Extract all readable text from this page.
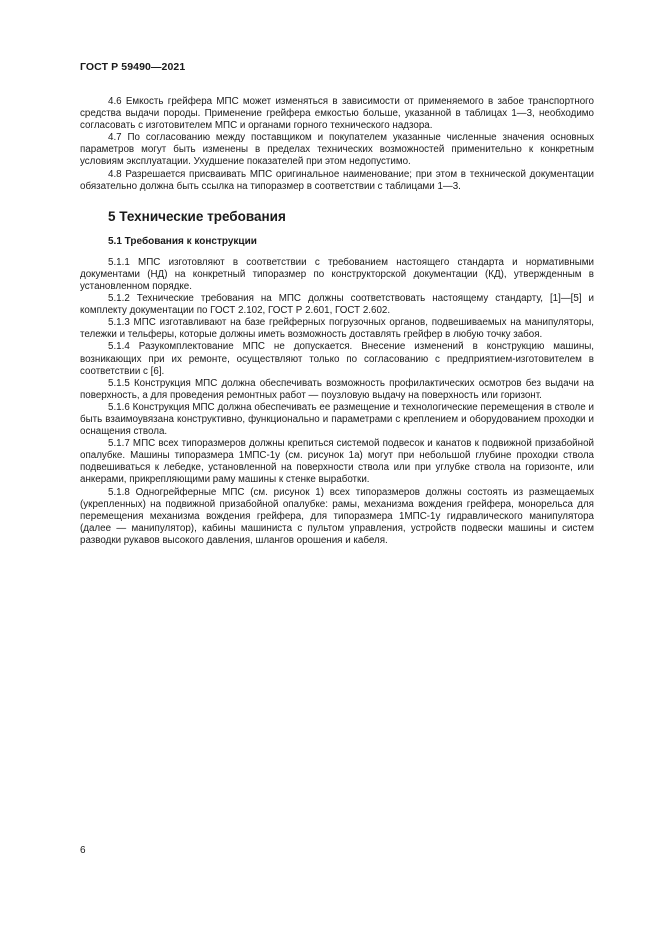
ГОСТ Р 59490—2021

4.6 Емкость грейфера МПС может изменяться в зависимости от применяемого в забое транспортного средства выдачи породы. Применение грейфера емкостью больше, указанной в таблицах 1—3, необходимо согласовать с изготовителем МПС и органами горного технического надзора.

4.7 По согласованию между поставщиком и покупателем указанные численные значения основных параметров могут быть изменены в пределах технических возможностей применительно к конкретным условиям эксплуатации. Ухудшение показателей при этом недопустимо.

4.8 Разрешается присваивать МПС оригинальное наименование; при этом в технической документации обязательно должна быть ссылка на типоразмер в соответствии с таблицами 1—3.

5 Технические требования
5.1 Требования к конструкции

5.1.1 МПС изготовляют в соответствии с требованием настоящего стандарта и нормативными документами (НД) на конкретный типоразмер по конструкторской документации (КД), утвержденным в установленном порядке.

5.1.2 Технические требования на МПС должны соответствовать настоящему стандарту, [1]—[5] и комплекту документации по ГОСТ 2.102, ГОСТ Р 2.601, ГОСТ 2.602.

5.1.3 МПС изготавливают на базе грейферных погрузочных органов, подвешиваемых на манипуляторы, тележки и тельферы, которые должны иметь возможность доставлять грейфер в любую точку забоя.

5.1.4 Разукомплектование МПС не допускается. Внесение изменений в конструкцию машины, возникающих при их ремонте, осуществляют только по согласованию с предприятием-изготовителем в соответствии с [6].

5.1.5 Конструкция МПС должна обеспечивать возможность профилактических осмотров без выдачи на поверхность, а для проведения ремонтных работ — поузловую выдачу на поверхность или горизонт.

5.1.6 Конструкция МПС должна обеспечивать ее размещение и технологические перемещения в стволе и быть взаимоувязана конструктивно, функционально и параметрами с креплением и оборудованием проходки и оснащения ствола.

5.1.7 МПС всех типоразмеров должны крепиться системой подвесок и канатов к подвижной призабойной опалубке. Машины типоразмера 1МПС-1у (см. рисунок 1а) могут при небольшой глубине проходки ствола подвешиваться к лебедке, установленной на поверхности ствола или при углубке ствола на горизонте, или анкерами, прикрепляющими раму машины к стенке выработки.

5.1.8 Одногрейферные МПС (см. рисунок 1) всех типоразмеров должны состоять из размещаемых (укрепленных) на подвижной призабойной опалубке: рамы, механизма вождения грейфера, монорельса для перемещения механизма вождения грейфера, для типоразмера 1МПС-1у гидравлического манипулятора (далее — манипулятор), кабины машиниста с пультом управления, устройств подвески машины и систем разводки рукавов высокого давления, шлангов орошения и кабеля.

6
